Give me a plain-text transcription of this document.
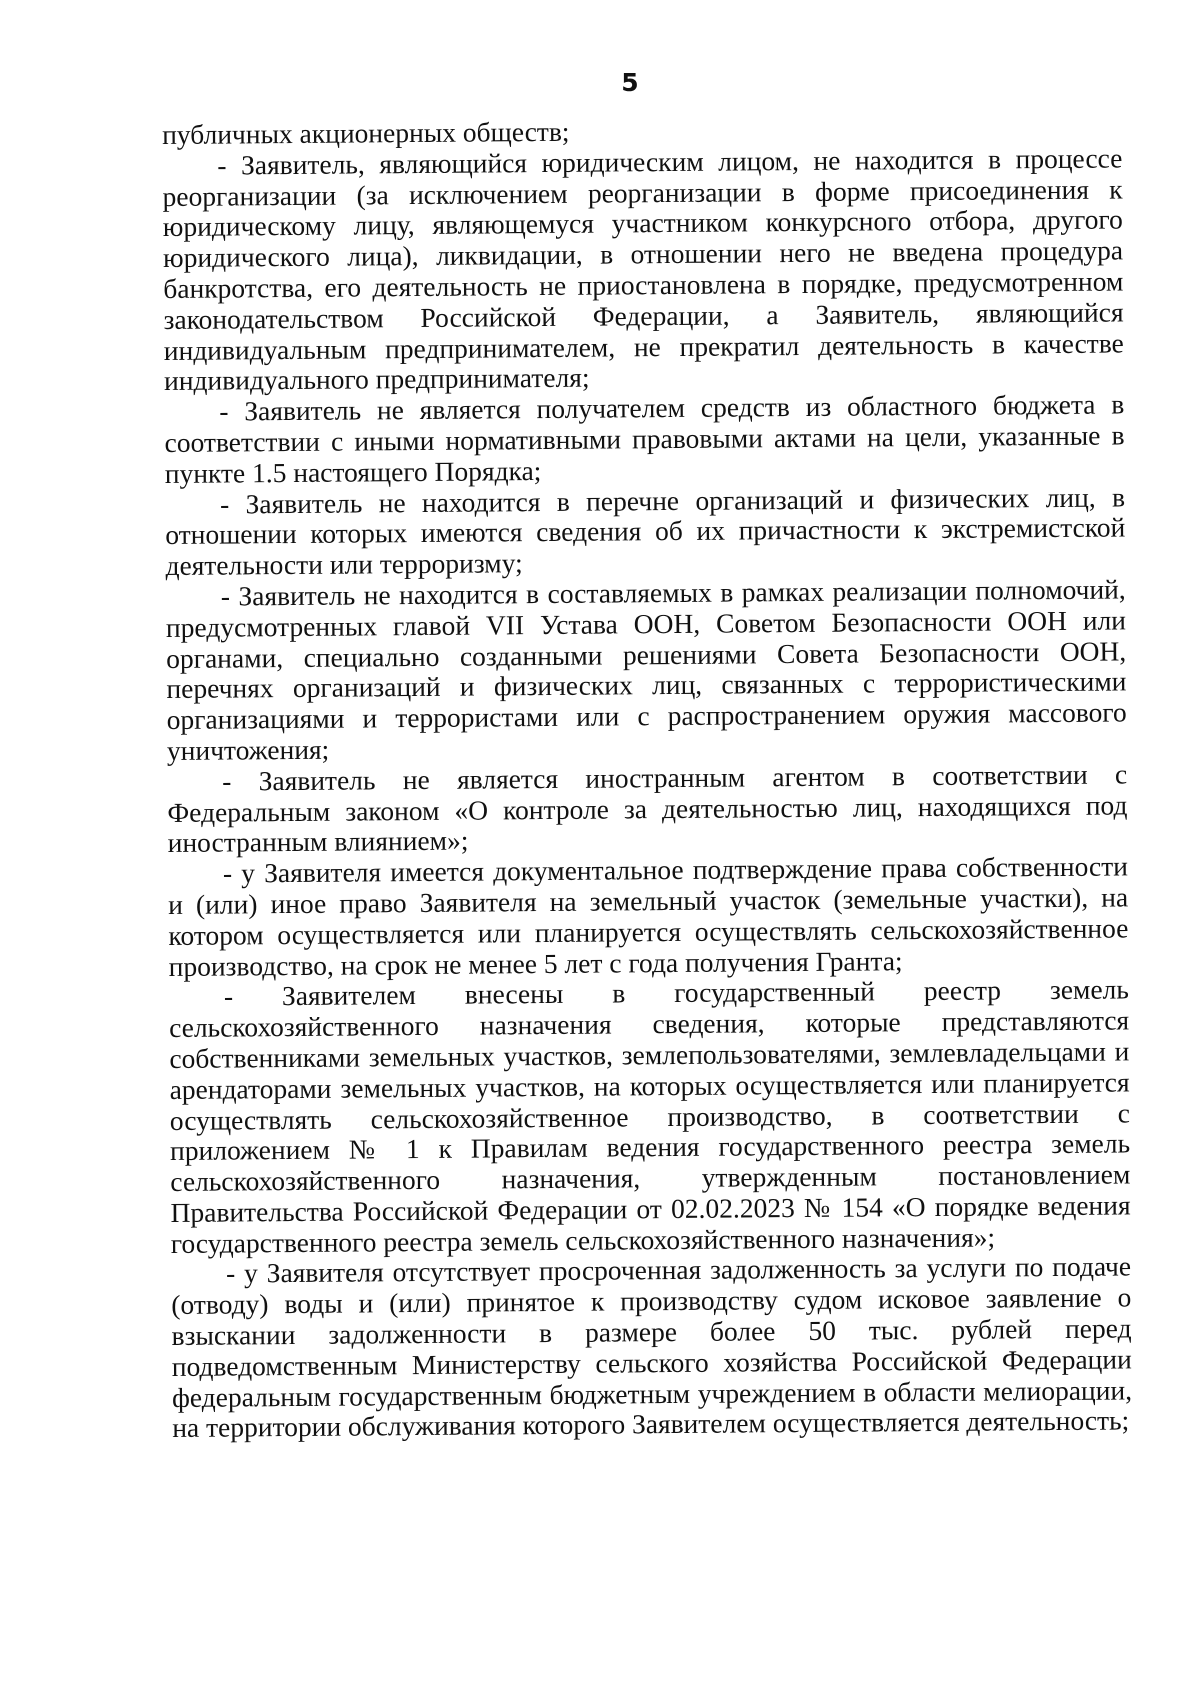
5

публичных акционерных обществ;

- Заявитель, являющийся юридическим лицом, не находится в процессе реорганизации (за исключением реорганизации в форме присоединения к юридическому лицу, являющемуся участником конкурсного отбора, другого юридического лица), ликвидации, в отношении него не введена процедура банкротства, его деятельность не приостановлена в порядке, предусмотренном законодательством Российской Федерации, а Заявитель, являющийся индивидуальным предпринимателем, не прекратил деятельность в качестве индивидуального предпринимателя;

- Заявитель не является получателем средств из областного бюджета в соответствии с иными нормативными правовыми актами на цели, указанные в пункте 1.5 настоящего Порядка;

- Заявитель не находится в перечне организаций и физических лиц, в отношении которых имеются сведения об их причастности к экстремистской деятельности или терроризму;

- Заявитель не находится в составляемых в рамках реализации полномочий, предусмотренных главой VII Устава ООН, Советом Безопасности ООН или органами, специально созданными решениями Совета Безопасности ООН, перечнях организаций и физических лиц, связанных с террористическими организациями и террористами или с распространением оружия массового уничтожения;

- Заявитель не является иностранным агентом в соответствии с Федеральным законом «О контроле за деятельностью лиц, находящихся под иностранным влиянием»;

- у Заявителя имеется документальное подтверждение права собственности и (или) иное право Заявителя на земельный участок (земельные участки), на котором осуществляется или планируется осуществлять сельскохозяйственное производство, на срок не менее 5 лет с года получения Гранта;

- Заявителем внесены в государственный реестр земель сельскохозяйственного назначения сведения, которые представляются собственниками земельных участков, землепользователями, землевладельцами и арендаторами земельных участков, на которых осуществляется или планируется осуществлять сельскохозяйственное производство, в соответствии с приложением № 1 к Правилам ведения государственного реестра земель сельскохозяйственного назначения, утвержденным постановлением Правительства Российской Федерации от 02.02.2023 № 154 «О порядке ведения государственного реестра земель сельскохозяйственного назначения»;

- у Заявителя отсутствует просроченная задолженность за услуги по подаче (отводу) воды и (или) принятое к производству судом исковое заявление о взыскании задолженности в размере более 50 тыс. рублей перед подведомственным Министерству сельского хозяйства Российской Федерации федеральным государственным бюджетным учреждением в области мелиорации, на территории обслуживания которого Заявителем осуществляется деятельность;
